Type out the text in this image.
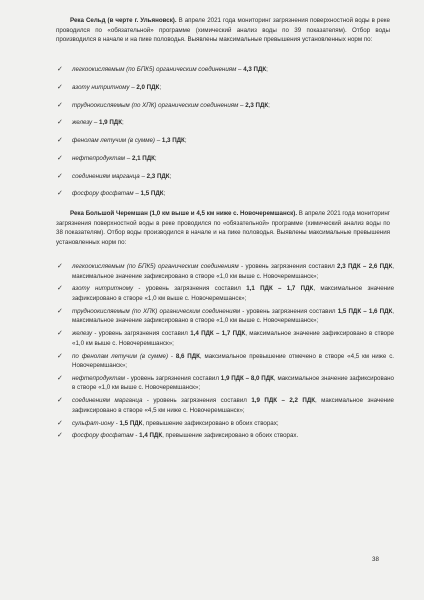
Река Сельд (в черте г. Ульяновск). В апреле 2021 года мониторинг загрязнения поверхностной воды в реке проводился по «обязательной» программе (химический анализ воды по 39 показателям). Отбор воды производился в начале и на пике половодья. Выявлены максимальные превышения установленных норм по:

✓ легкоокисляемым (по БПК5) органическим соединениям – 4,3 ПДК;
✓ азоту нитритному – 2,0 ПДК;
✓ трудноокисляемым (по ХПК) органическим соединениям – 2,3 ПДК;
✓ железу – 1,9 ПДК;
✓ фенолам летучим (в сумме) – 1,3 ПДК;
✓ нефтепродуктам – 2,1 ПДК;
✓ соединениям марганца – 2,3 ПДК;
✓ фосфору фосфатам – 1,5 ПДК;

Река Большой Черемшан (1,0 км выше и 4,5 км ниже с. Новочеремшанск). В апреле 2021 года мониторинг загрязнения поверхностной воды в реке проводился по «обязательной» программе (химический анализ воды по 38 показателям). Отбор воды производился в начале и на пике половодья. Выявлены максимальные превышения установленных норм по:

✓ легкоокисляемым (по БПК5) органическим соединениям - уровень загрязнения составил 2,3 ПДК – 2,6 ПДК, максимальное значение зафиксировано в створе «1,0 км выше с. Новочеремшанск»;
✓ азоту нитритному - уровень загрязнения составил 1,1 ПДК – 1,7 ПДК, максимальное значение зафиксировано в створе «1,0 км выше с. Новочеремшанск»;
✓ трудноокисляемым (по ХПК) органическим соединениям - уровень загрязнения составил 1,5 ПДК – 1,6 ПДК, максимальное значение зафиксировано в створе «1,0 км выше с. Новочеремшанск»;
✓ железу - уровень загрязнения составил 1,4 ПДК – 1,7 ПДК, максимальное значение зафиксировано в створе «1,0 км выше с. Новочеремшанск»;
✓ по фенолам летучим (в сумме) - 8,6 ПДК, максимальное превышение отмечено в створе «4,5 км ниже с. Новочеремшанск»;
✓ нефтепродуктам - уровень загрязнения составил 1,9 ПДК – 8,0 ПДК, максимальное значение зафиксировано в створе «1,0 км выше с. Новочеремшанск»;
✓ соединениям марганца - уровень загрязнения составил 1,9 ПДК – 2,2 ПДК, максимальное значение зафиксировано в створе «4,5 км ниже с. Новочеремшанск»;
✓ сульфат-иону - 1,5 ПДК, превышение зафиксировано в обоих створах;
✓ фосфору фосфатам - 1,4 ПДК, превышение зафиксировано в обоих створах.
38
